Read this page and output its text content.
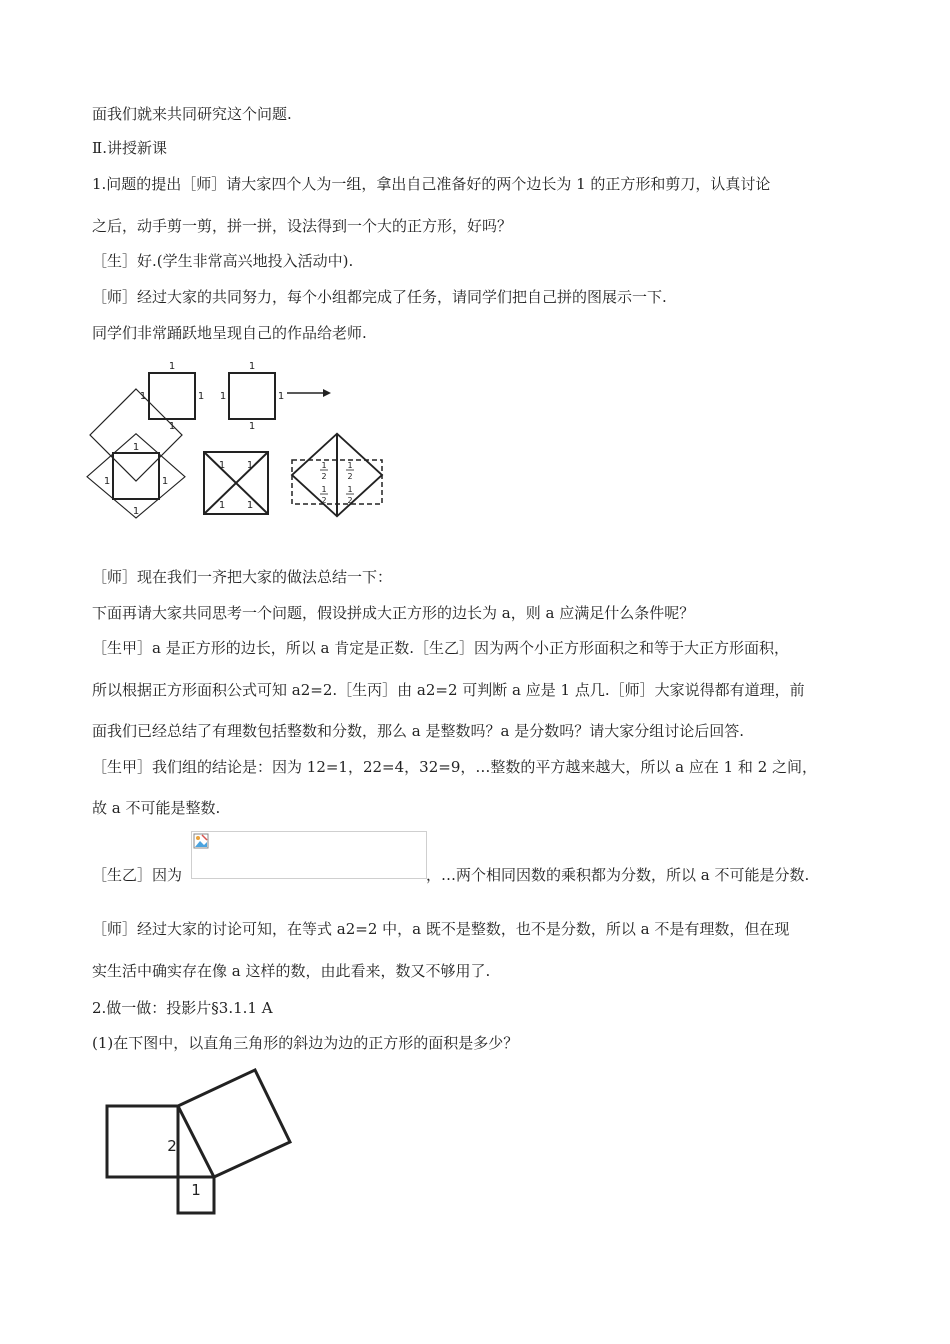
面我们就来共同研究这个问题.
Ⅱ.讲授新课
1.问题的提出［师］请大家四个人为一组，拿出自己准备好的两个边长为 1 的正方形和剪刀，认真讨论
之后，动手剪一剪，拼一拼，设法得到一个大的正方形，好吗？
［生］好.(学生非常高兴地投入活动中).
［师］经过大家的共同努力，每个小组都完成了任务，请同学们把自己拼的图展示一下.
同学们非常踊跃地呈现自己的作品给老师.
1
1
1	1
1
1
1	1
1
1	1
1
1 1
1 1
1
2
1
2
1
2
1
2
［师］现在我们一齐把大家的做法总结一下：
下面再请大家共同思考一个问题，假设拼成大正方形的边长为 a，则 a 应满足什么条件呢？
［生甲］a 是正方形的边长，所以 a 肯定是正数.［生乙］因为两个小正方形面积之和等于大正方形面积，
所以根据正方形面积公式可知 a2=2.［生丙］由 a2=2 可判断 a 应是 1 点几.［师］大家说得都有道理，前
面我们已经总结了有理数包括整数和分数，那么 a 是整数吗？a 是分数吗？请大家分组讨论后回答.
［生甲］我们组的结论是：因为 12=1，22=4，32=9，…整数的平方越来越大，所以 a 应在 1 和 2 之间，
故 a 不可能是整数.
［生乙］因为	，…两个相同因数的乘积都为分数，所以 a 不可能是分数.
［师］经过大家的讨论可知，在等式 a2=2 中，a 既不是整数，也不是分数，所以 a 不是有理数，但在现
实生活中确实存在像 a 这样的数，由此看来，数又不够用了.
2.做一做：投影片§3.1.1 A
(1)在下图中，以直角三角形的斜边为边的正方形的面积是多少？
2
1
